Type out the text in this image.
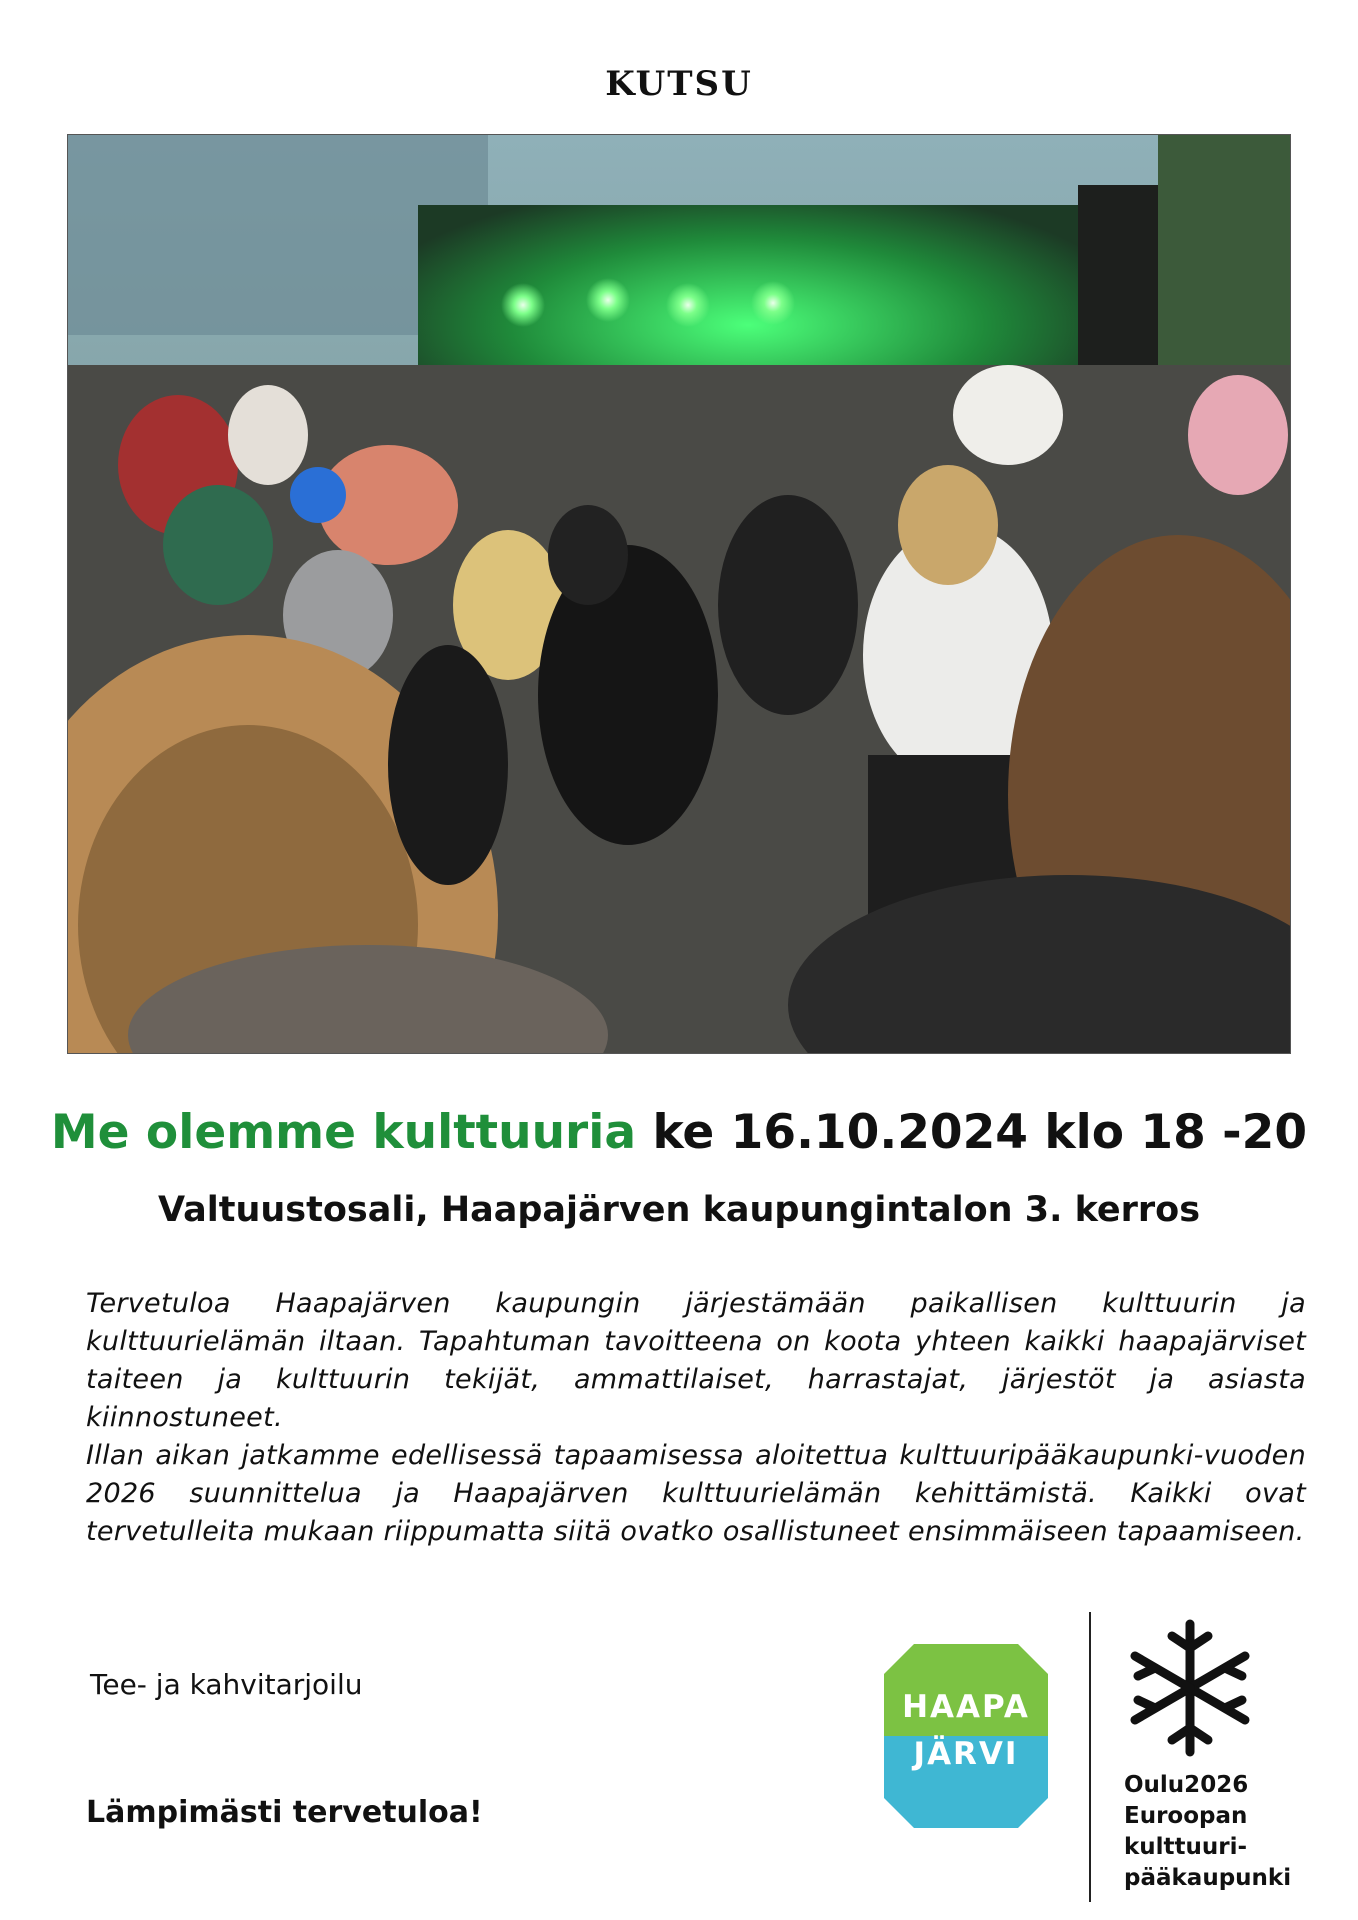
KUTSU
Me olemme kulttuuria ke 16.10.2024 klo 18 -20
Valtuustosali, Haapajärven kaupungintalon 3. kerros

Tervetuloa Haapajärven kaupungin järjestämään paikallisen kulttuurin ja kulttuurielämän iltaan. Tapahtuman tavoitteena on koota yhteen kaikki haapajärviset taiteen ja kulttuurin tekijät, ammattilaiset, harrastajat, järjestöt ja asiasta kiinnostuneet.

Illan aikan jatkamme edellisessä tapaamisessa aloitettua kulttuuripääkaupunki-vuoden 2026 suunnittelua ja Haapajärven kulttuurielämän kehittämistä. Kaikki ovat tervetulleita mukaan riippumatta siitä ovatko osallistuneet ensimmäiseen tapaamiseen.

Tee- ja kahvitarjoilu
Lämpimästi tervetuloa!
HAAPA
JÄRVI
Oulu2026
Euroopan
kulttuuri-
pääkaupunki
